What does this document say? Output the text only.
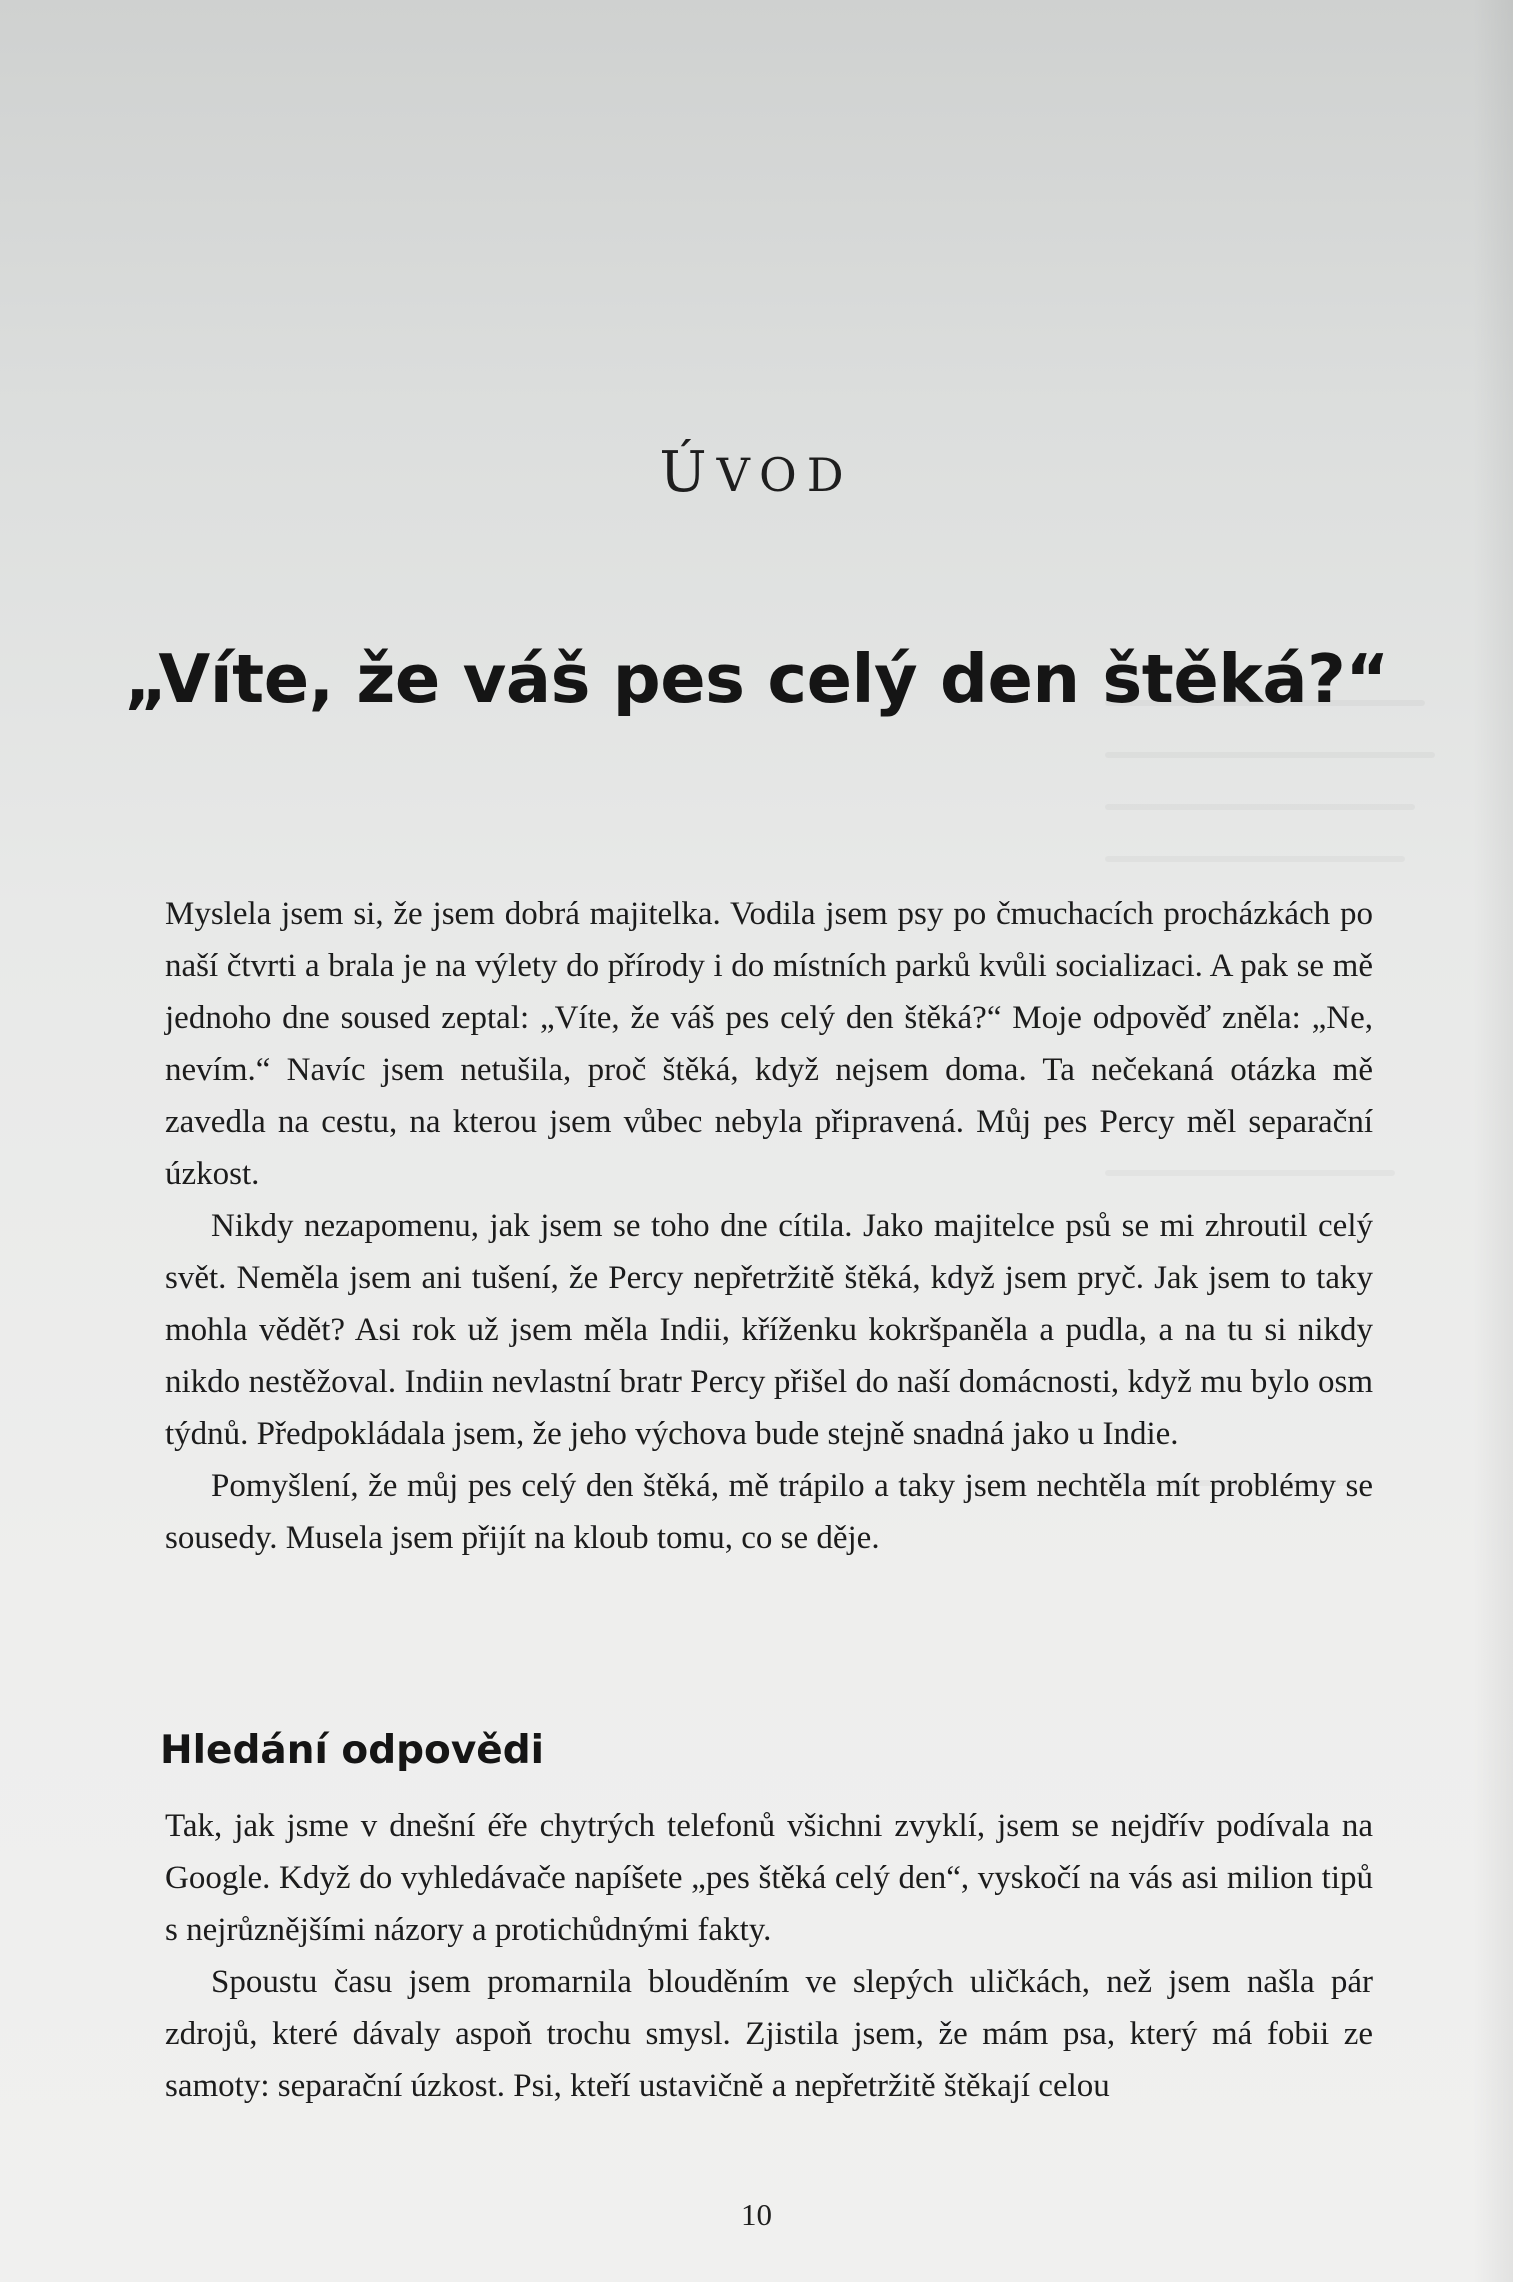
ÚVOD
„Víte, že váš pes celý den štěká?“

Myslela jsem si, že jsem dobrá majitelka. Vodila jsem psy po čmuchacích procházkách po naší čtvrti a brala je na výlety do přírody i do místních parků kvůli socializaci. A pak se mě jednoho dne soused zeptal: „Víte, že váš pes celý den štěká?“ Moje odpověď zněla: „Ne, nevím.“ Navíc jsem netušila, proč štěká, když nejsem doma. Ta nečekaná otázka mě zavedla na cestu, na kterou jsem vůbec nebyla připravená. Můj pes Percy měl separační úzkost.

Nikdy nezapomenu, jak jsem se toho dne cítila. Jako majitelce psů se mi zhroutil celý svět. Neměla jsem ani tušení, že Percy nepřetržitě štěká, když jsem pryč. Jak jsem to taky mohla vědět? Asi rok už jsem měla Indii, kříženku kokršpaněla a pudla, a na tu si nikdy nikdo nestěžoval. Indiin nevlastní bratr Percy přišel do naší domácnosti, když mu bylo osm týdnů. Předpokládala jsem, že jeho výchova bude stejně snadná jako u Indie.

Pomyšlení, že můj pes celý den štěká, mě trápilo a taky jsem nechtěla mít problémy se sousedy. Musela jsem přijít na kloub tomu, co se děje.

Hledání odpovědi

Tak, jak jsme v dnešní éře chytrých telefonů všichni zvyklí, jsem se nejdřív podívala na Google. Když do vyhledávače napíšete „pes štěká celý den“, vyskočí na vás asi milion tipů s nejrůznějšími názory a protichůdnými fakty.

Spoustu času jsem promarnila blouděním ve slepých uličkách, než jsem našla pár zdrojů, které dávaly aspoň trochu smysl. Zjistila jsem, že mám psa, který má fobii ze samoty: separační úzkost. Psi, kteří ustavičně a nepřetržitě štěkají celou

10
